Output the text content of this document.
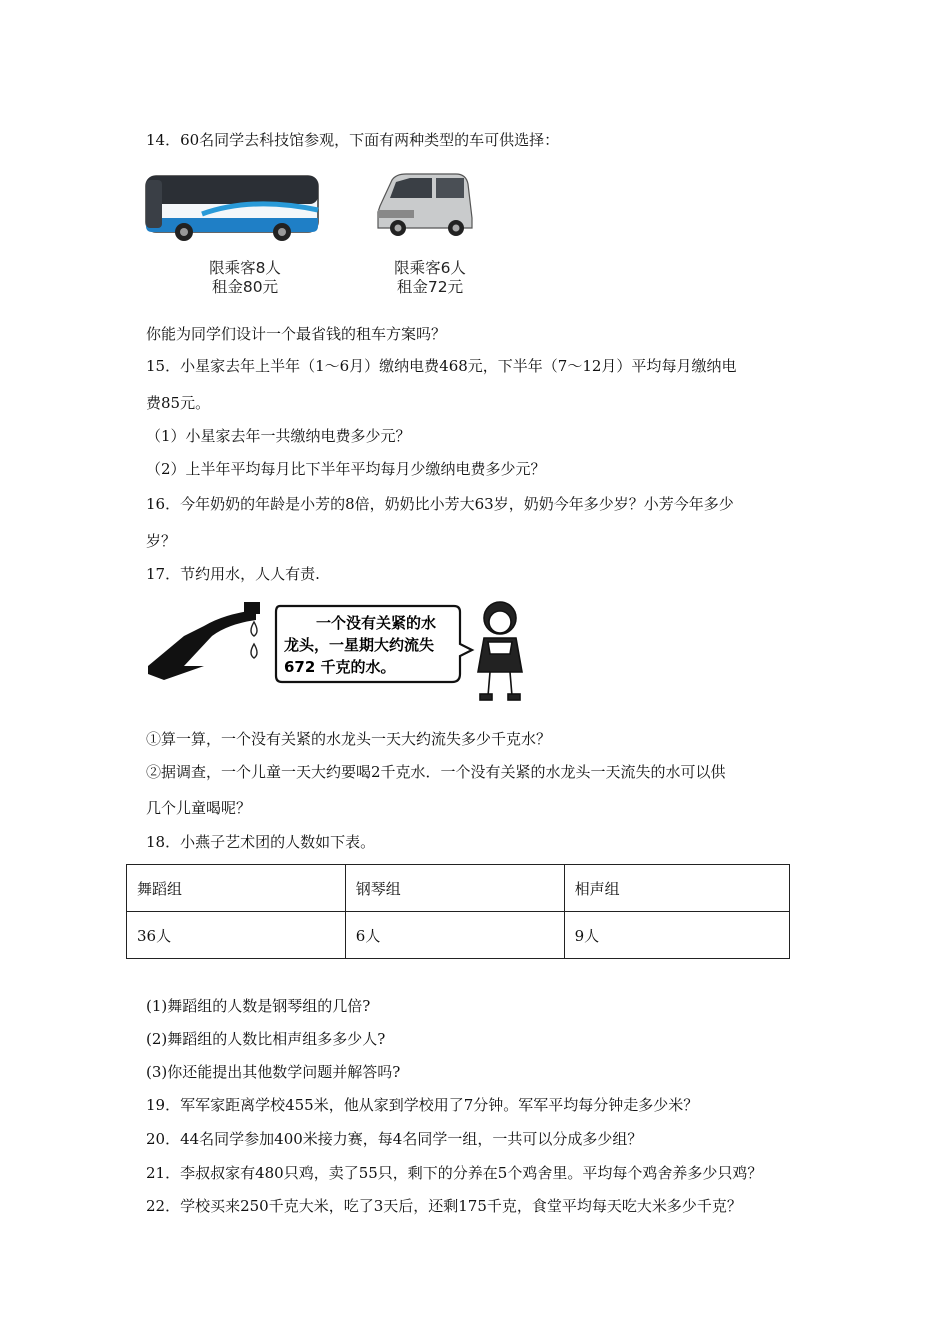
14．60名同学去科技馆参观，下面有两种类型的车可供选择：
限乘客8人
租金80元
限乘客6人
租金72元
你能为同学们设计一个最省钱的租车方案吗？
15．小星家去年上半年（1～6月）缴纳电费468元，下半年（7～12月）平均每月缴纳电
费85元。
（1）小星家去年一共缴纳电费多少元？
（2）上半年平均每月比下半年平均每月少缴纳电费多少元？
16．今年奶奶的年龄是小芳的8倍，奶奶比小芳大63岁，奶奶今年多少岁？小芳今年多少
岁？
17．节约用水，人人有责.
一个没有关紧的水
龙头，一星期大约流失
672 千克的水。
①算一算，一个没有关紧的水龙头一天大约流失多少千克水？
②据调查，一个儿童一天大约要喝2千克水．一个没有关紧的水龙头一天流失的水可以供
几个儿童喝呢？
18．小燕子艺术团的人数如下表。
舞蹈组	钢琴组	相声组
36人	6人	9人
(1)舞蹈组的人数是钢琴组的几倍?
(2)舞蹈组的人数比相声组多多少人?
(3)你还能提出其他数学问题并解答吗?
19．军军家距离学校455米，他从家到学校用了7分钟。军军平均每分钟走多少米？
20．44名同学参加400米接力赛，每4名同学一组，一共可以分成多少组？
21．李叔叔家有480只鸡，卖了55只，剩下的分养在5个鸡舍里。平均每个鸡舍养多少只鸡？
22．学校买来250千克大米，吃了3天后，还剩175千克，食堂平均每天吃大米多少千克？
